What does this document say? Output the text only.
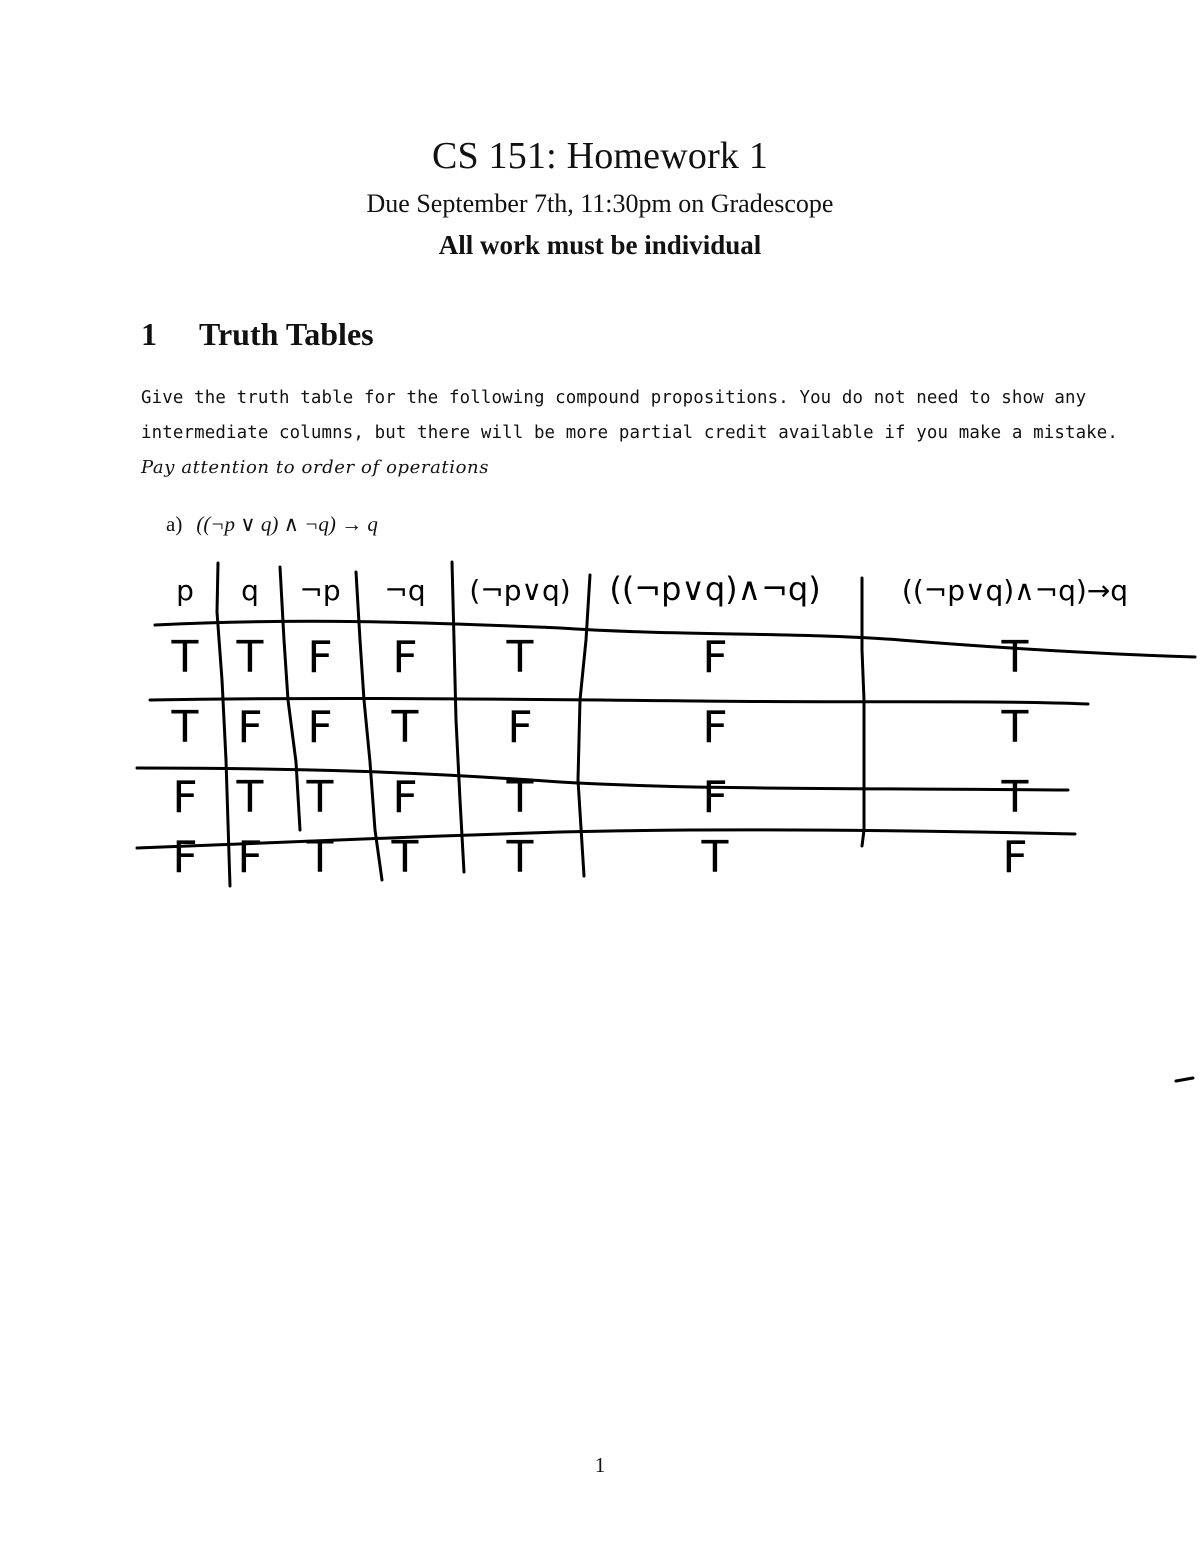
CS 151: Homework 1

Due September 7th, 11:30pm on Gradescope

All work must be individual

1 Truth Tables

Give the truth table for the following compound propositions. You do not need to show any

intermediate columns, but there will be more partial credit available if you make a mistake.

Pay attention to order of operations

a) ((¬p ∨ q) ∧ ¬q) → q

p q ¬p ¬q (¬p∨q) ((¬p∨q)∧¬q)	((¬p∨q)∧¬q)→q
T T F F T	F	T
T F F T F	F	T
F T T F T	F	T
F F T T T	T	F

1
